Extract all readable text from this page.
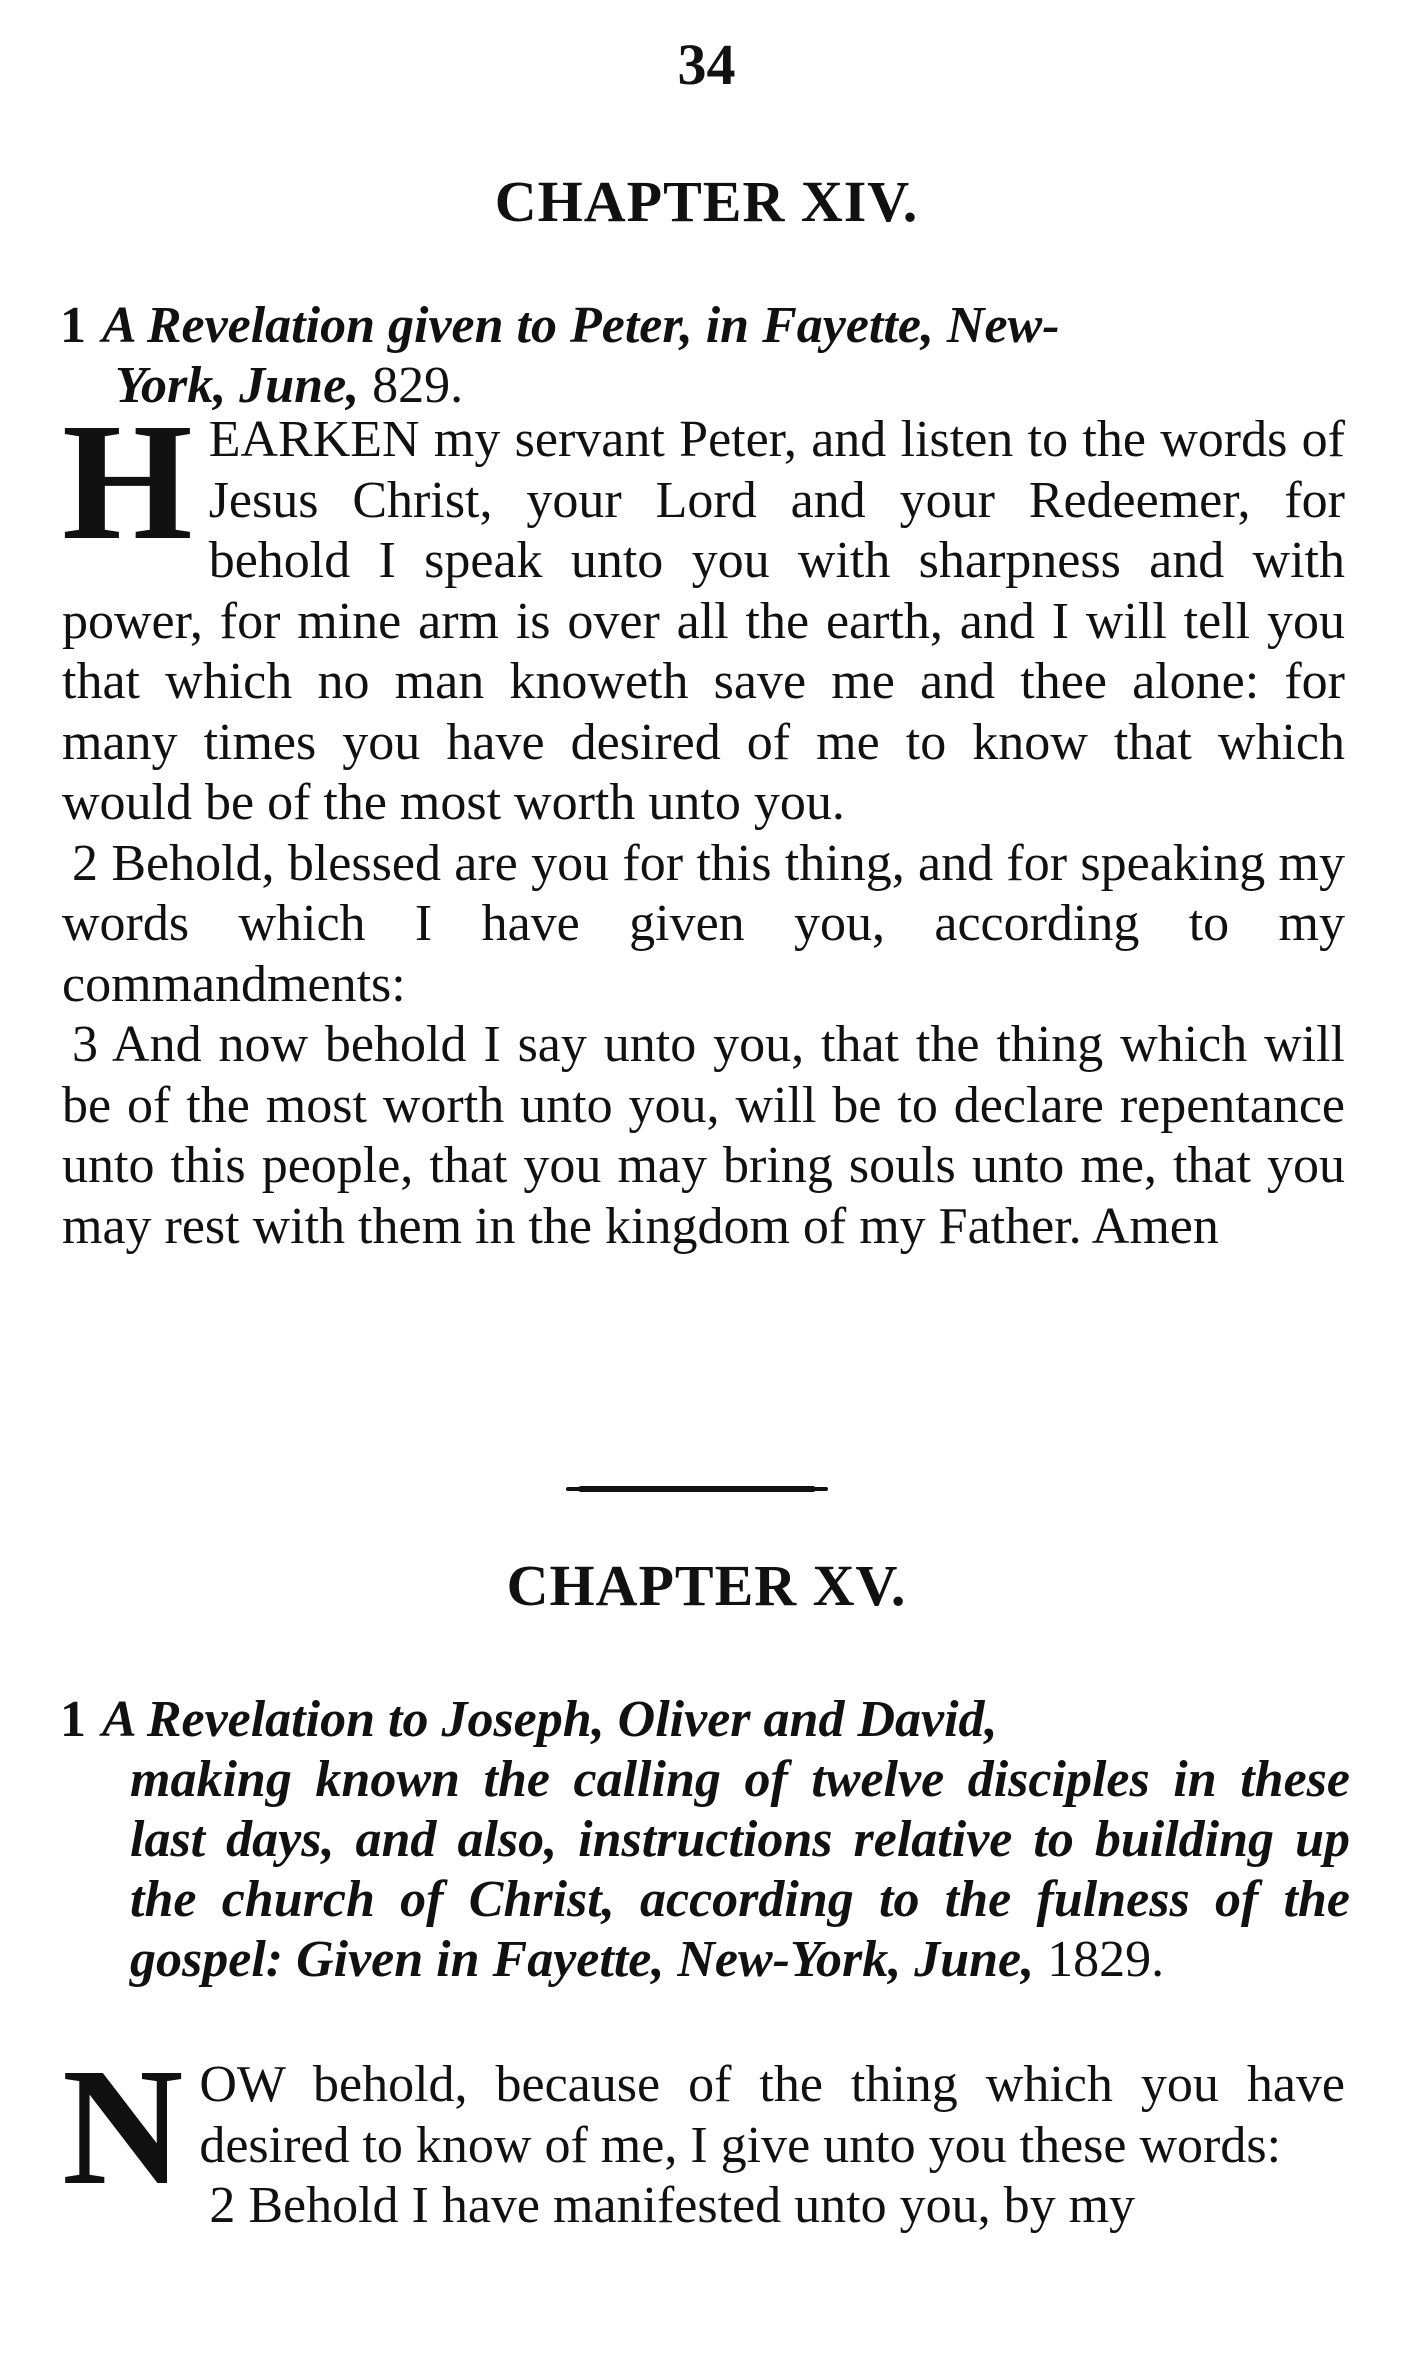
34
CHAPTER XIV.
1 A Revelation given to Peter, in Fayette, New-
York, June, 829.

HEARKEN my servant Peter, and listen to the words of Jesus Christ, your Lord and your Redeemer, for behold I speak unto you with sharpness and with power, for mine arm is over all the earth, and I will tell you that which no man knoweth save me and thee alone: for many times you have desired of me to know that which would be of the most worth unto you.

2 Behold, blessed are you for this thing, and for speaking my words which I have given you, according to my commandments:

3 And now behold I say unto you, that the thing which will be of the most worth unto you, will be to declare repentance unto this people, that you may bring souls unto me, that you may rest with them in the kingdom of my Father. Amen

CHAPTER XV.
1 A Revelation to Joseph, Oliver and David,
making known the calling of twelve disciples in these last days, and also, instructions relative to building up the church of Christ, according to the fulness of the gospel: Given in Fayette, New-York, June, 1829.

NOW behold, because of the thing which you have desired to know of me, I give unto you these words:

2 Behold I have manifested unto you, by my
